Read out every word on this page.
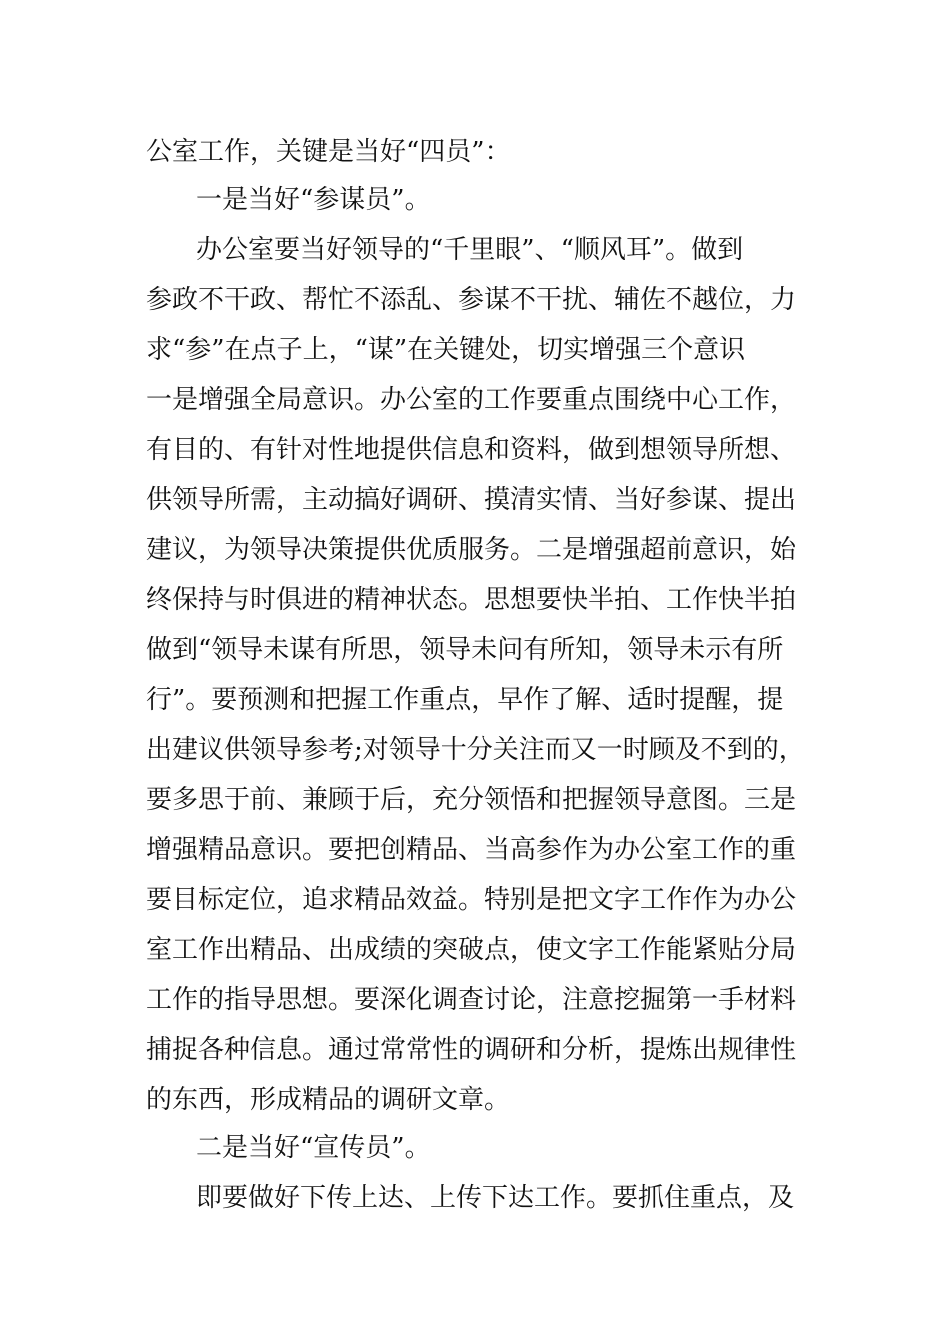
公室工作，关键是当好“四员”：

一是当好“参谋员”。

办公室要当好领导的“千里眼”、“顺风耳”。做到

参政不干政、帮忙不添乱、参谋不干扰、辅佐不越位，力

求“参”在点子上，“谋”在关键处，切实增强三个意识

一是增强全局意识。办公室的工作要重点围绕中心工作，

有目的、有针对性地提供信息和资料，做到想领导所想、

供领导所需，主动搞好调研、摸清实情、当好参谋、提出

建议，为领导决策提供优质服务。二是增强超前意识，始

终保持与时俱进的精神状态。思想要快半拍、工作快半拍

做到“领导未谋有所思，领导未问有所知，领导未示有所

行”。要预测和把握工作重点，早作了解、适时提醒，提

出建议供领导参考;对领导十分关注而又一时顾及不到的，

要多思于前、兼顾于后，充分领悟和把握领导意图。三是

增强精品意识。要把创精品、当高参作为办公室工作的重

要目标定位，追求精品效益。特别是把文字工作作为办公

室工作出精品、出成绩的突破点，使文字工作能紧贴分局

工作的指导思想。要深化调查讨论，注意挖掘第一手材料

捕捉各种信息。通过常常性的调研和分析，提炼出规律性

的东西，形成精品的调研文章。

二是当好“宣传员”。

即要做好下传上达、上传下达工作。要抓住重点，及
